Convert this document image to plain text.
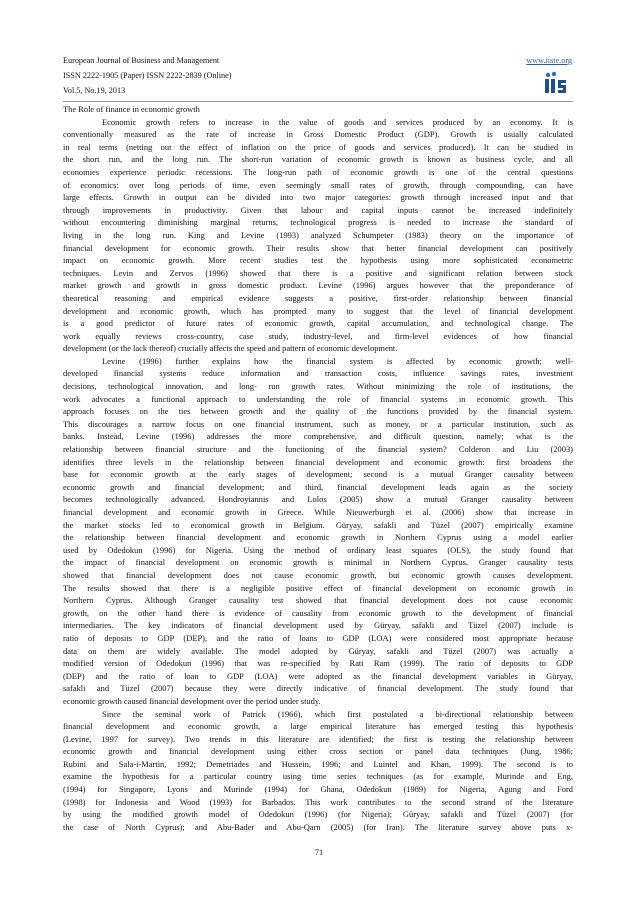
European Journal of Business and Management
ISSN 2222-1905 (Paper) ISSN 2222-2839 (Online)
Vol.5, No.19, 2013
www.iiste.org
The Role of finance in economic growth

Economic growth refers to increase in the value of goods and services produced by an economy. It is
conventionally measured as the rate of increase in Gross Domestic Product (GDP). Growth is usually calculated
in real terms (netting out the effect of inflation on the price of goods and services produced). It can be studied in
the short run, and the long run. The short-run variation of economic growth is known as business cycle, and all
economies experience periodic recessions. The long-run path of economic growth is one of the central questions
of economics: over long periods of time, even seemingly small rates of growth, through compounding, can have
large effects. Growth in output can be divided into two major categories: growth through increased input and that
through improvements in productivity. Given that labour and capital inputs cannot be increased indefinitely
without encountering diminishing marginal returns, technological progress is needed to increase the standard of
living in the long run. King and Levine (1993) analyzed Schumpeter (1983) theory on the importance of
financial development for economic growth. Their results show that better financial development can positively
impact on economic growth. More recent studies test the hypothesis using more sophisticated econometric
techniques. Levin and Zervos (1996) showed that there is a positive and significant relation between stock
market growth and growth in gross domestic product. Levine (1996) argues however that the preponderance of
theoretical reasoning and empirical evidence suggests a positive, first-order relationship between financial
development and economic growth, which has prompted many to suggest that the level of financial development
is a good predictor of future rates of economic growth, capital accumulation, and technological change. The
work equally reviews cross-country, case study, industry-level, and firm-level evidences of how financial
development (or the lack thereof) crucially affects the speed and pattern of economic development.

Levine (1996) further explains how the financial system is affected by economic growth; well-
developed financial systems reduce information and transaction costs, influence savings rates, investment
decisions, technological innovation, and long- run growth rates. Without minimizing the role of institutions, the
work advocates a functional approach to understanding the role of financial systems in economic growth. This
approach focuses on the ties between growth and the quality of the functions provided by the financial system.
This discourages a narrow focus on one financial instrument, such as money, or a particular institution, such as
banks. Instead, Levine (1996) addresses the more comprehensive, and difficult question, namely; what is the
relationship between financial structure and the functioning of the financial system? Colderon and Liu (2003)
identifies three levels in the relationship between financial development and economic growth: first broadens the
base for economic growth at the early stages of development; second is a mutual Granger causality between
economic growth and financial development; and third, financial development leads again as the society
becomes technologically advanced. Hondroyiannis and Lolos (2005) show a mutual Granger causality between
financial development and economic growth in Greece. While Nieuwerburgh et al. (2006) show that increase in
the market stocks led to economical growth in Belgium. Güryay, safakli and Tüzel (2007) empirically examine
the relationship between financial development and economic growth in Northern Cyprus using a model earlier
used by Odedokun (1996) for Nigeria. Using the method of ordinary least squares (OLS), the study found that
the impact of financial development on economic growth is minimal in Northern Cyprus. Granger causality tests
showed that financial development does not cause economic growth, but economic growth causes development.
The results showed that there is a negligible positive effect of financial development on economic growth in
Northern Cyprus. Although Granger causality test showed that financial development does not cause economic
growth, on the other hand there is evidence of causality from economic growth to the development of financial
intermediaries. The key indicators of financial development used by Güryay, safakli and Tüzel (2007) include is
ratio of deposits to GDP (DEP), and the ratio of loans to GDP (LOA) were considered most appropriate because
data on them are widely available. The model adopted by Güryay, safakli and Tüzel (2007) was actually a
modified version of Odedokun (1996) that was re-specified by Rati Ram (1999). The ratio of deposits to GDP
(DEP) and the ratio of loan to GDP (LOA) were adopted as the financial development variables in Güryay,
safakli and Tüzel (2007) because they were directly indicative of financial development. The study found that
economic growth caused financial development over the period under study.

Since the seminal work of Patrick (1966), which first postulated a bi-directional relationship between
financial development and economic growth, a large empirical literature has emerged testing this hypothesis
(Levine, 1997 for survey). Two trends in this literature are identified; the first is testing the relationship between
economic growth and financial development using either cross section or panel data techniques (Jung, 1986;
Rubini and Sala-i-Martin, 1992; Demetriades and Hussein, 1996; and Luintel and Khan, 1999). The second is to
examine the hypothesis for a particular country using time series techniques (as for example, Murinde and Eng,
(1994) for Singapore, Lyons and Murinde (1994) for Ghana, Odedokun (1989) for Nigeria, Agung and Ford
(1998) for Indonesia and Wood (1993) for Barbados. This work contributes to the second strand of the literature
by using the modified growth model of Odedokun (1996) (for Nigeria); Güryay, safakli and Tüzel (2007) (for
the case of North Cyprus); and Abu-Bader and Abu-Qarn (2005) (for Iran). The literature survey above puts x-

71
